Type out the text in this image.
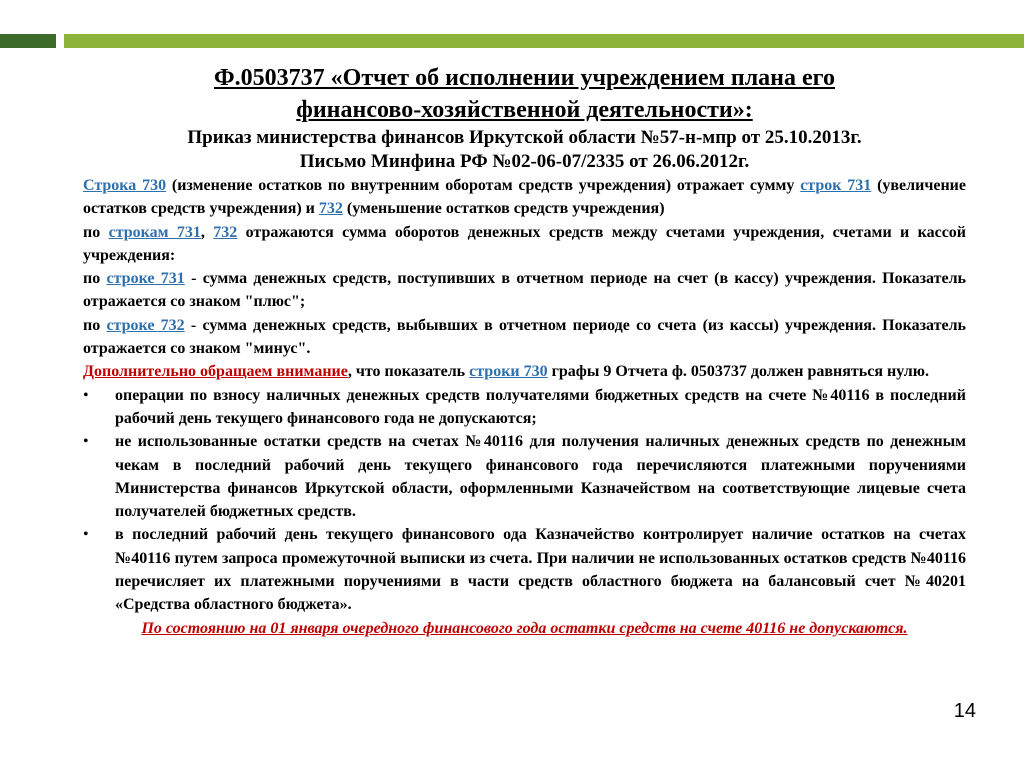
Ф.0503737 «Отчет об исполнении учреждением плана его
финансово-хозяйственной деятельности»:

Приказ министерства финансов Иркутской области №57-н-мпр от 25.10.2013г.
Письмо Минфина РФ №02-06-07/2335 от 26.06.2012г.

Строка 730 (изменение остатков по внутренним оборотам средств учреждения) отражает сумму строк 731 (увеличение остатков средств учреждения) и 732 (уменьшение остатков средств учреждения)

по строкам 731, 732 отражаются сумма оборотов денежных средств между счетами учреждения, счетами и кассой учреждения:

по строке 731 - сумма денежных средств, поступивших в отчетном периоде на счет (в кассу) учреждения. Показатель отражается со знаком "плюс";

по строке 732 - сумма денежных средств, выбывших в отчетном периоде со счета (из кассы) учреждения. Показатель отражается со знаком "минус".

Дополнительно обращаем внимание, что показатель строки 730 графы 9 Отчета ф. 0503737 должен равняться нулю.

• операции по взносу наличных денежных средств получателями бюджетных средств на счете №40116 в последний рабочий день текущего финансового года не допускаются;
• не использованные остатки средств на счетах №40116 для получения наличных денежных средств по денежным чекам в последний рабочий день текущего финансового года перечисляются платежными поручениями Министерства финансов Иркутской области, оформленными Казначейством на соответствующие лицевые счета получателей бюджетных средств.
• в последний рабочий день текущего финансового ода Казначейство контролирует наличие остатков на счетах №40116 путем запроса промежуточной выписки из счета. При наличии не использованных остатков средств №40116 перечисляет их платежными поручениями в части средств областного бюджета на балансовый счет №40201 «Средства областного бюджета».

По состоянию на 01 января очередного финансового года остатки средств на счете 40116 не допускаются.

14
